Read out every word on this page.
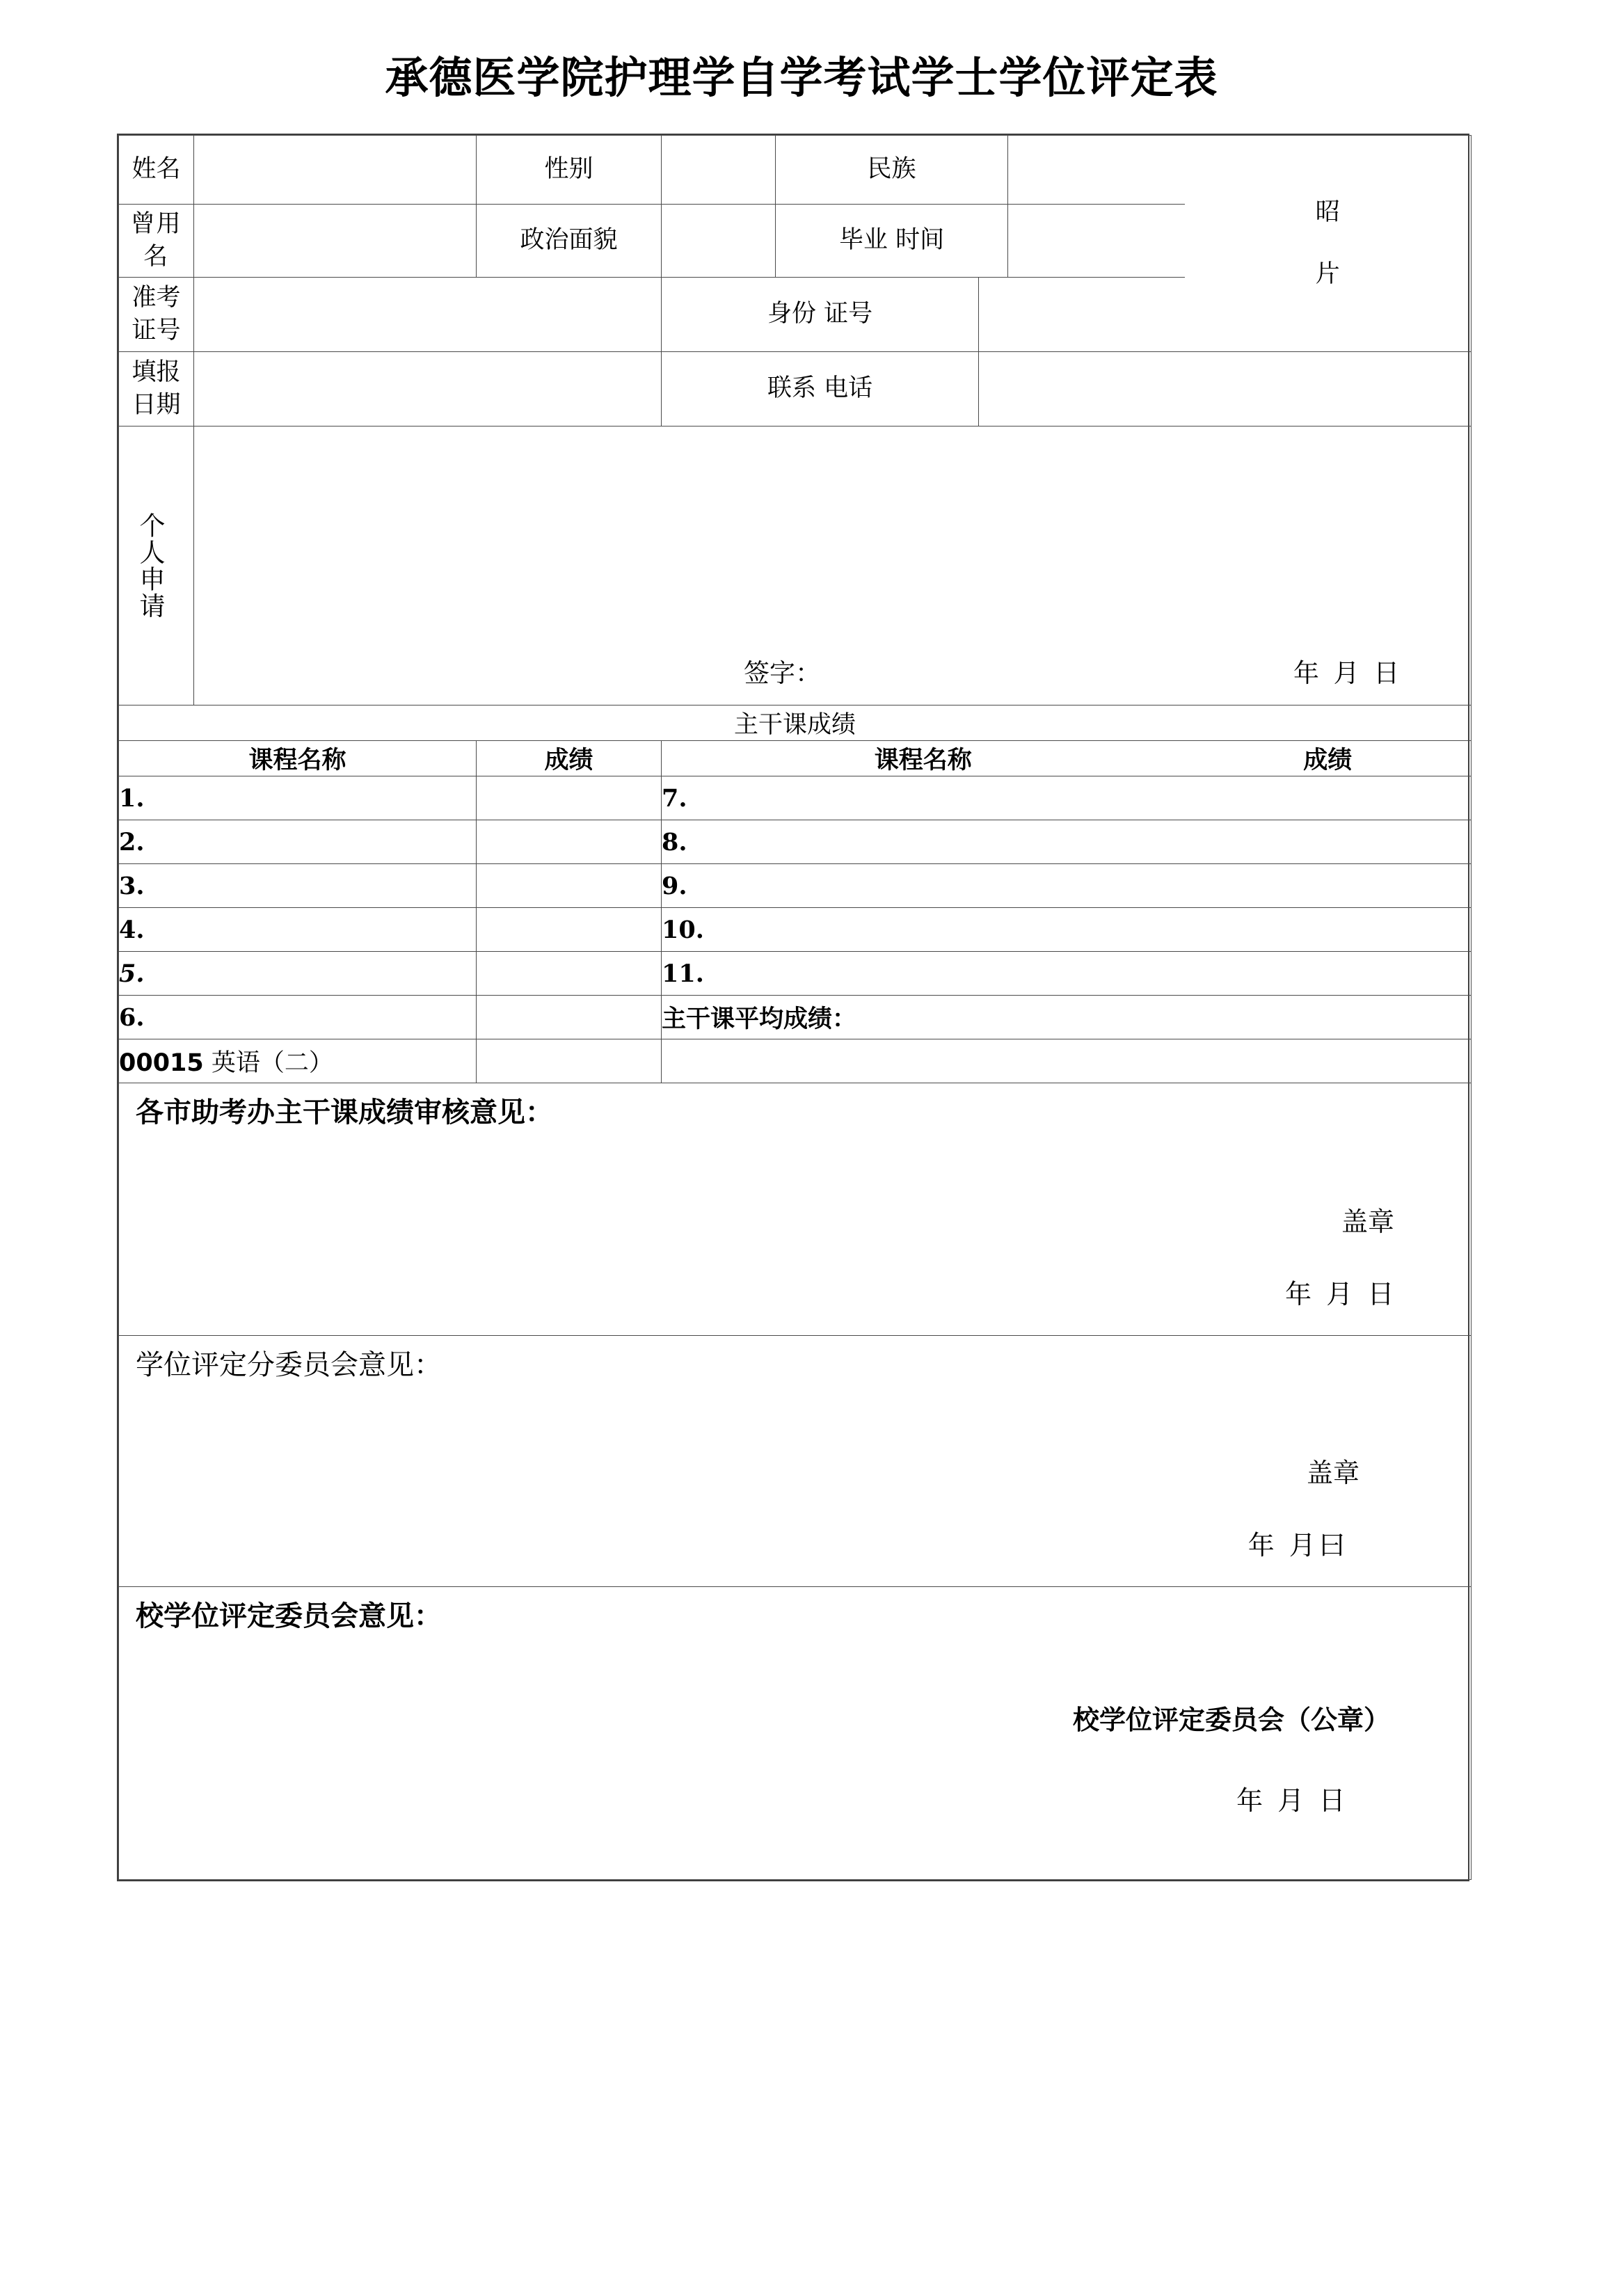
承德医学院护理学自学考试学士学位评定表
姓名		性别		民族			昭
片

曾用 名		政治面貌		毕业 时间			
准考 证号			身份 证号				
填报 日期			联系 电话				

个人申请	签字： 年 月 日						

主干课成绩							
课程名称		成绩	课程名称				成绩
1.			7.				
2.			8.				
3.			9.				
4.			10.				
5.			11.				
6.			主干课平均成绩：				
00015 英语（二）							

各市助考办主干课成绩审核意见：
盖章
年 月 日							

学位评定分委员会意见：
盖章
年 月曰							

校学位评定委员会意见：
校学位评定委员会（公章）
年 月 日							
